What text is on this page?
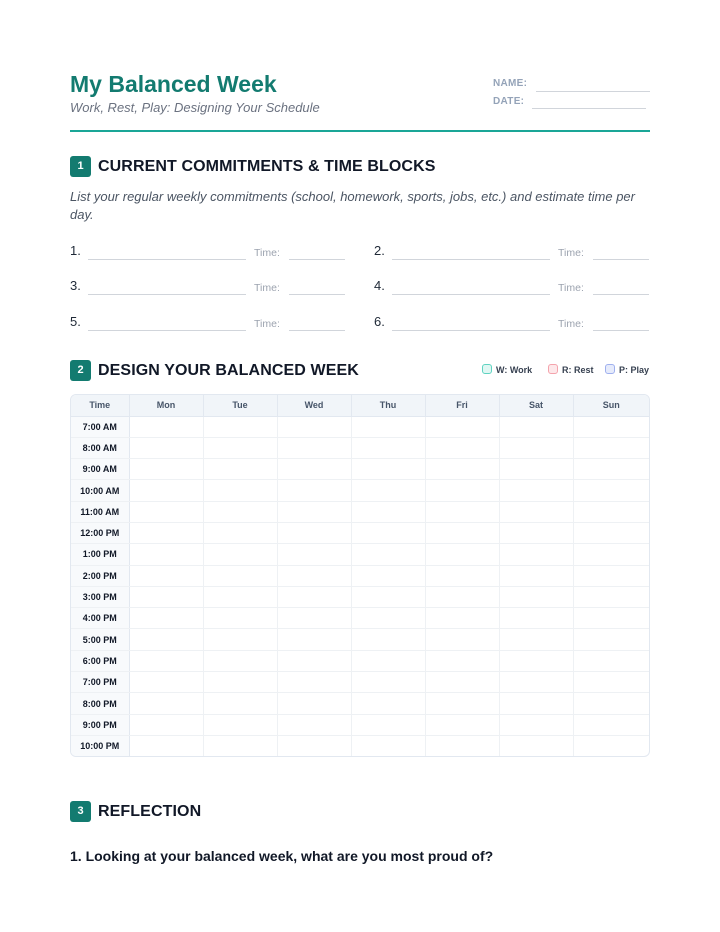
My Balanced Week
Work, Rest, Play: Designing Your Schedule
NAME:
DATE:
1 CURRENT COMMITMENTS & TIME BLOCKS
List your regular weekly commitments (school, homework, sports, jobs, etc.) and estimate time per day.
1.	Time:	2.	Time:
3.	Time:	4.	Time:
5.	Time:	6.	Time:
2 DESIGN YOUR BALANCED WEEK	W: Work	R: Rest	P: Play
Time	Mon	Tue	Wed	Thu	Fri	Sat	Sun
7:00 AM							
8:00 AM							
9:00 AM							
10:00 AM							
11:00 AM							
12:00 PM							
1:00 PM							
2:00 PM							
3:00 PM							
4:00 PM							
5:00 PM							
6:00 PM							
7:00 PM							
8:00 PM							
9:00 PM							
10:00 PM							
3 REFLECTION
1. Looking at your balanced week, what are you most proud of?
